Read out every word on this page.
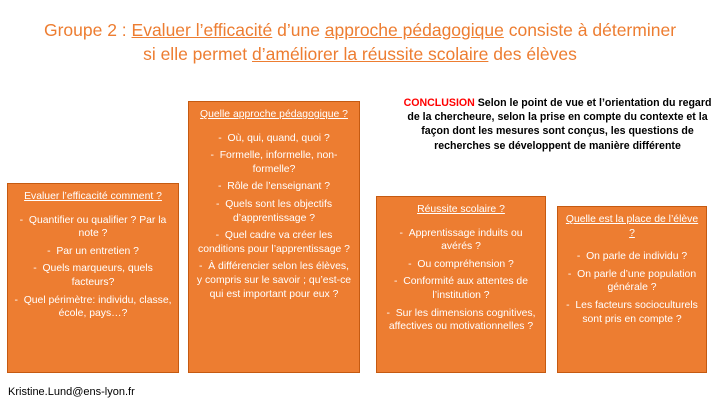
Groupe 2 : Evaluer l’efficacité d’une approche pédagogique consiste à déterminer si elle permet d’améliorer la réussite scolaire des élèves
CONCLUSION Selon le point de vue et l’orientation du regard de la chercheure, selon la prise en compte du contexte et la façon dont les mesures sont conçus, les questions de recherches se développent de manière différente
Evaluer l’efficacité comment ?
-  Quantifier ou qualifier ? Par la note ?
-  Par un entretien ?
-  Quels marqueurs, quels facteurs?
-  Quel périmètre: individu, classe, école, pays…?
Quelle approche pédagogique ?
-  Où, qui, quand, quoi ?
-  Formelle, informelle, non-formelle?
-  Rôle de l’enseignant ?
-  Quels sont les objectifs d’apprentissage ?
-  Quel cadre va créer les conditions pour l’apprentissage ?
-  À différencier selon les élèves, y compris sur le savoir ; qu’est-ce qui est important pour eux ?
Réussite scolaire ?
-  Apprentissage induits ou avérés ?
-  Ou compréhension ?
-  Conformité aux attentes de l’institution ?
-  Sur les dimensions cognitives, affectives ou motivationnelles ?
Quelle est la place de l’élève ?
-  On parle de individu ?
-  On parle d’une population générale ?
-  Les facteurs socioculturels sont pris en compte ?
Kristine.Lund@ens-lyon.fr
